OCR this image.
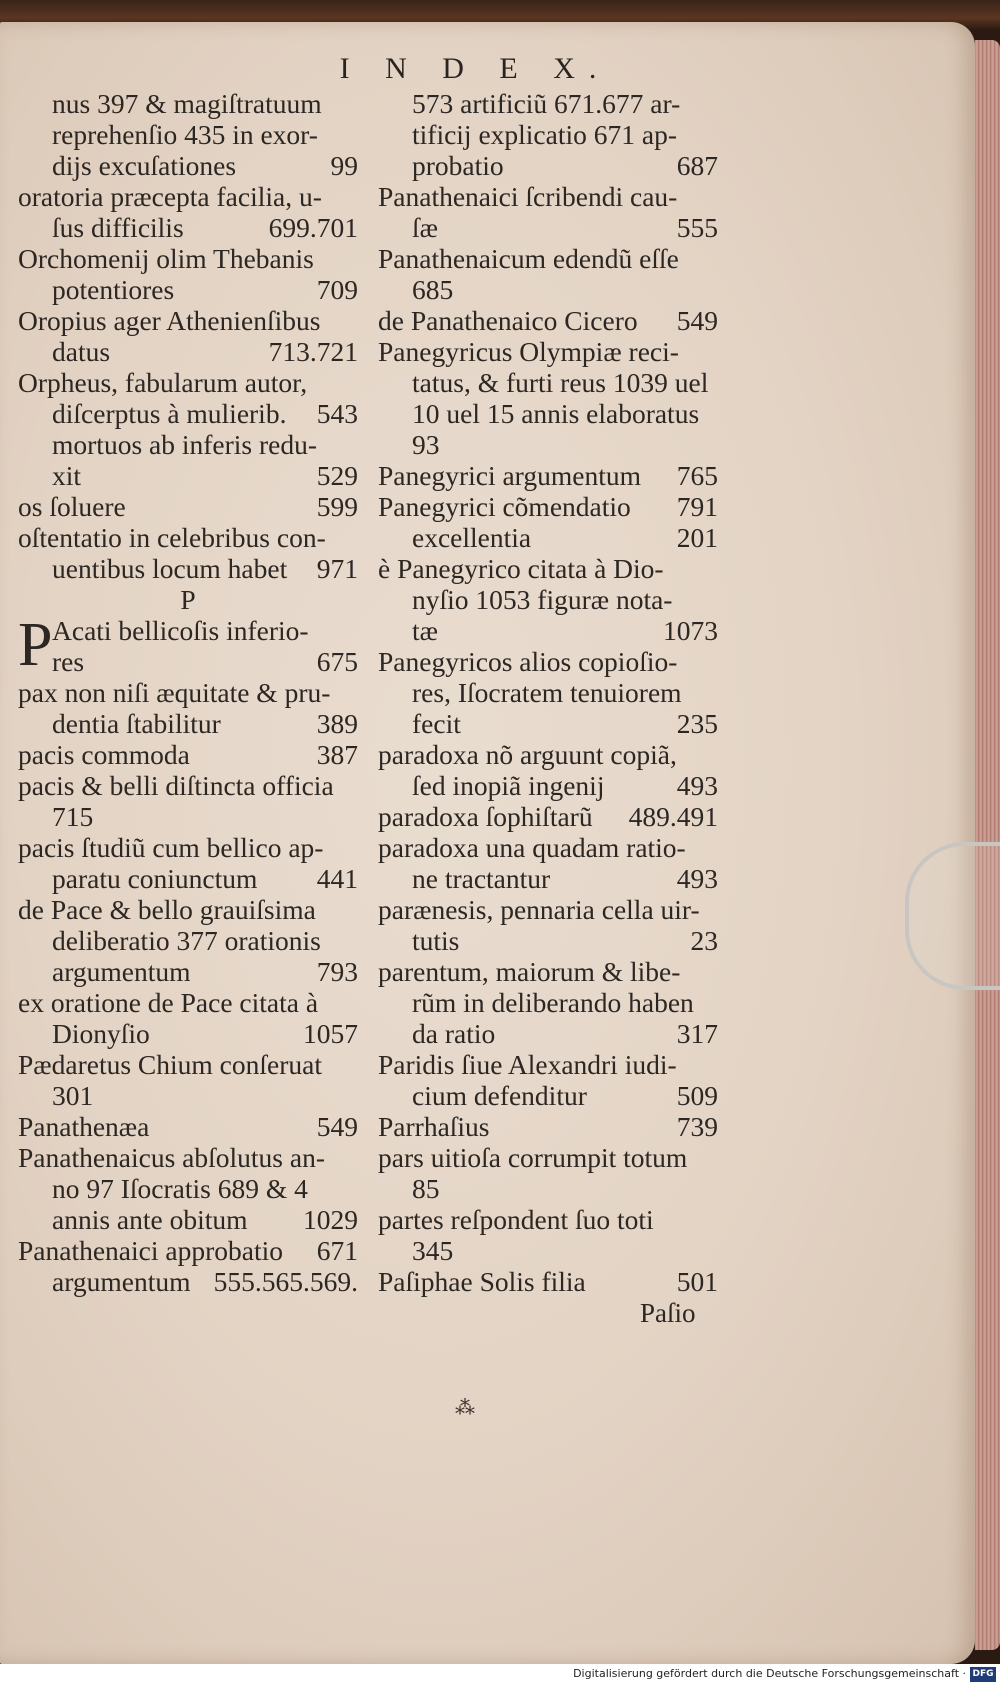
I N D E X.
nus 397 & magiſtratuum
reprehenſio 435 in exor-
dijs excuſationes	99
oratoria præcepta facilia, u-
ſus difficilis	699.701
Orchomenij olim Thebanis
potentiores	709
Oropius ager Athenienſibus
datus	713.721
Orpheus, fabularum autor,
diſcerptus à mulierib. 543
mortuos ab inferis redu-
xit	529
os ſoluere	599
oſtentatio in celebribus con-
uentibus locum habet 971
P
P Acati bellicoſis inferio-
res	675
pax non niſi æquitate & pru-
dentia ſtabilitur	389
pacis commoda	387
pacis & belli diſtincta officia
715
pacis ſtudiũ cum bellico ap-
paratu coniunctum 441
de Pace & bello grauiſsima
deliberatio 377 orationis
argumentum	793
ex oratione de Pace citata à
Dionyſio	1057
Pædaretus Chium conſeruat
301
Panathenæa	549
Panathenaicus abſolutus an-
no 97 Iſocratis 689 & 4
annis ante obitum 1029
Panathenaici approbatio 671
argumentum 555.565.569.
573 artificiũ 671.677 ar-
tificij explicatio 671 ap-
probatio	687
Panathenaici ſcribendi cau-
ſæ	555
Panathenaicum edendũ eſſe
685
de Panathenaico Cicero 549
Panegyricus Olympiæ reci-
tatus, & furti reus 1039 uel
10 uel 15 annis elaboratus
93
Panegyrici argumentum 765
Panegyrici cõmendatio 791
excellentia	201
è Panegyrico citata à Dio-
nyſio 1053 figuræ nota-
tæ	1073
Panegyricos alios copioſio-
res, Iſocratem tenuiorem
fecit	235
paradoxa nõ arguunt copiã,
ſed inopiã ingenij	493
paradoxa ſophiſtarũ 489.491
paradoxa una quadam ratio-
ne tractantur	493
parænesis, pennaria cella uir-
tutis	23
parentum, maiorum & libe-
rũm in deliberando haben
da ratio	317
Paridis ſiue Alexandri iudi-
cium defenditur	509
Parrhaſius	739
pars uitioſa corrumpit totum
85
partes reſpondent ſuo toti
345
Paſiphae Solis filia	501
Paſio
⁂
Digitalisierung gefördert durch die Deutsche Forschungsgemeinschaft · DFG
